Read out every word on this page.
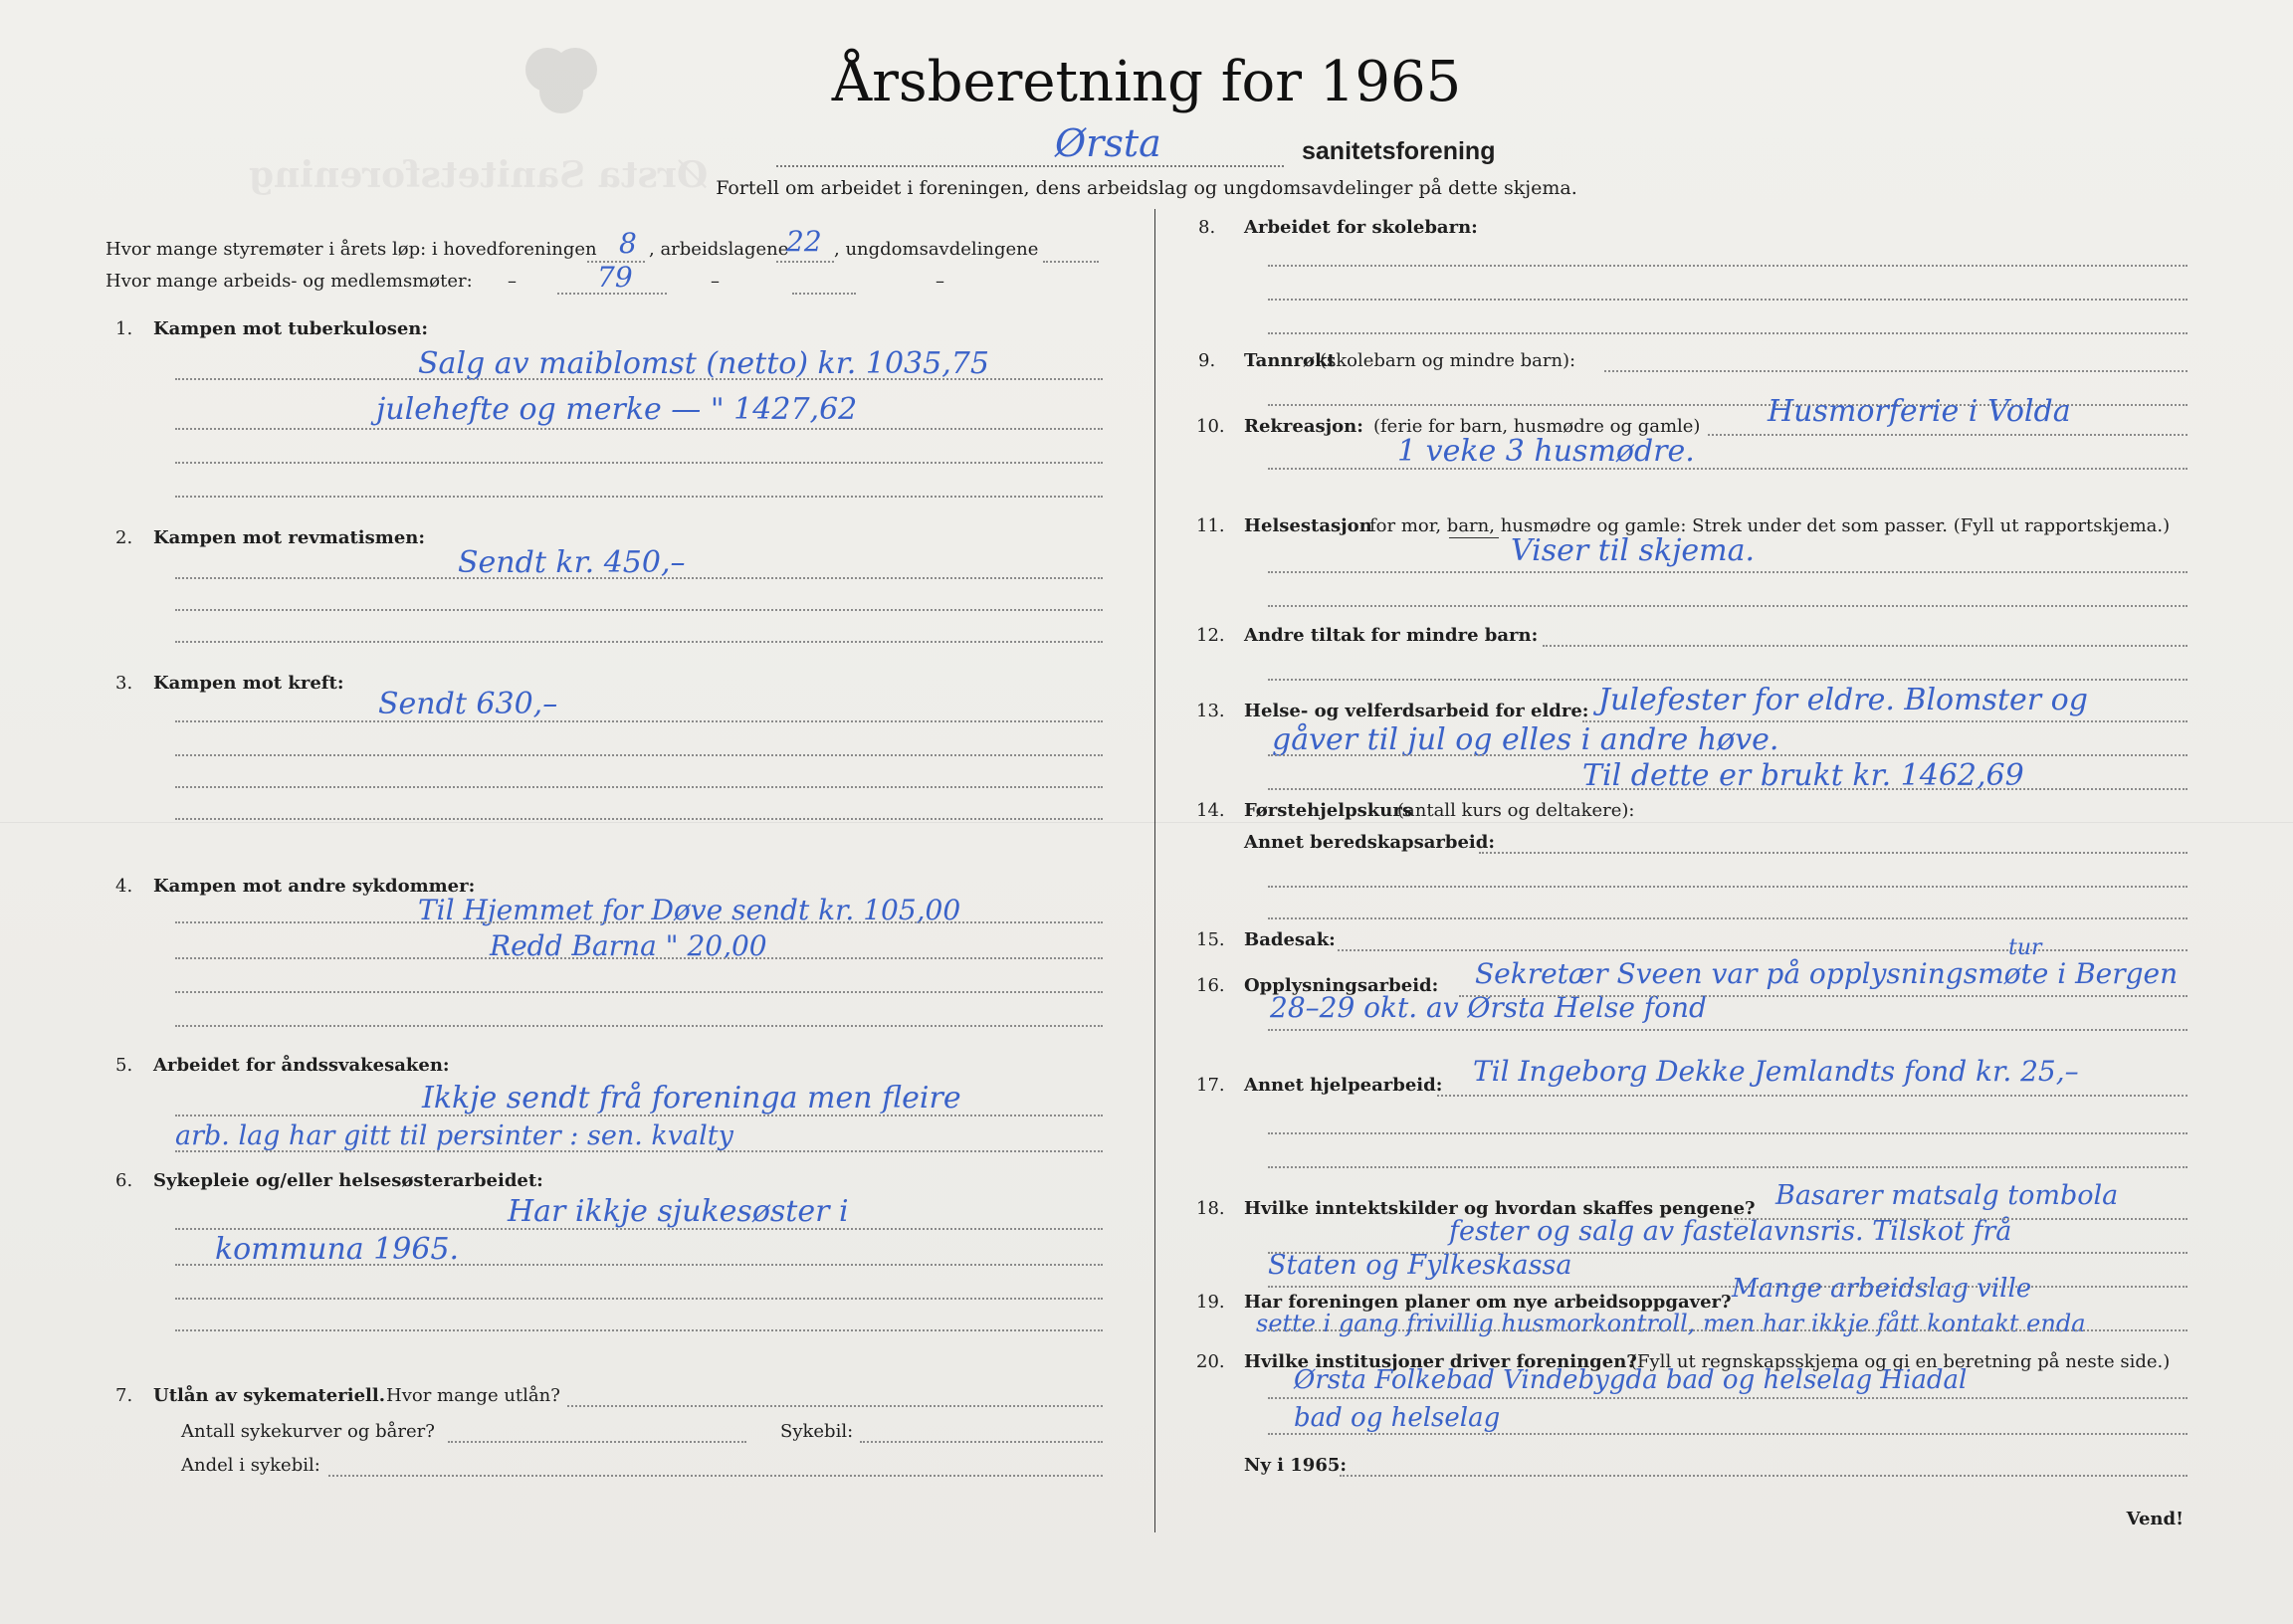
Ørsta Sanitetsforening
Årsberetning for 1965
Ørsta	sanitetsforening
Fortell om arbeidet i foreningen, dens arbeidslag og ungdomsavdelinger på dette skjema.
Hvor mange styremøter i årets løp: i hovedforeningen 8 , arbeidslagene
22 , ungdomsavdelingene
Hvor mange arbeids- og medlemsmøter: –	79	–	–
1. Kampen mot tuberkulosen:
Salg av maiblomst (netto) kr. 1035,75
julehefte og merke — " 1427,62
2. Kampen mot revmatismen:
Sendt kr. 450,–
3. Kampen mot kreft:
Sendt 630,–
4. Kampen mot andre sykdommer:
Til Hjemmet for Døve sendt kr. 105,00
Redd Barna " 20,00
5. Arbeidet for åndssvakesaken:
Ikkje sendt frå foreninga men fleire
arb. lag har gitt til persinter : sen. kvalty
6. Sykepleie og/eller helsesøsterarbeidet:
Har ikkje sjukesøster i
kommuna 1965.
7. Utlån av sykemateriell. Hvor mange utlån?
Antall sykekurver og bårer?	Sykebil:
Andel i sykebil:
8. Arbeidet for skolebarn:
9. Tannrøkt
(skolebarn og mindre barn):
10. Rekreasjon: (ferie for barn, husmødre og gamle) Husmorferie i Volda
1 veke 3 husmødre.
11. Helsestasjon
for mor, barn, husmødre og gamle: Strek under det som passer. (Fyll ut rapportskjema.)
Viser til skjema.
12. Andre tiltak for mindre barn:
13. Helse- og velferdsarbeid for eldre: Julefester for eldre. Blomster og
gåver til jul og elles i andre høve.
Til dette er brukt kr. 1462,69
14. Førstehjelpskurs
(antall kurs og deltakere):
Annet beredskapsarbeid:
15. Badesak:
16. Opplysningsarbeid: Sekretær Sveen var på opplysningsmøte i Bergen
tur
28–29 okt. av Ørsta Helse fond
17. Annet hjelpearbeid: Til Ingeborg Dekke Jemlandts fond kr. 25,–
18. Hvilke inntektskilder og hvordan skaffes pengene? Basarer matsalg tombola
fester og salg av fastelavnsris. Tilskot frå
Staten og Fylkeskassa
19. Har foreningen planer om nye arbeidsoppgaver? Mange arbeidslag ville
sette i gang frivillig husmorkontroll, men har ikkje fått kontakt enda
20. Hvilke institusjoner driver foreningen?
(Fyll ut regnskapsskjema og gi en beretning på neste side.)
Ørsta Folkebad Vindebygda bad og helselag Hiadal
bad og helselag
Ny i 1965:
Vend!
